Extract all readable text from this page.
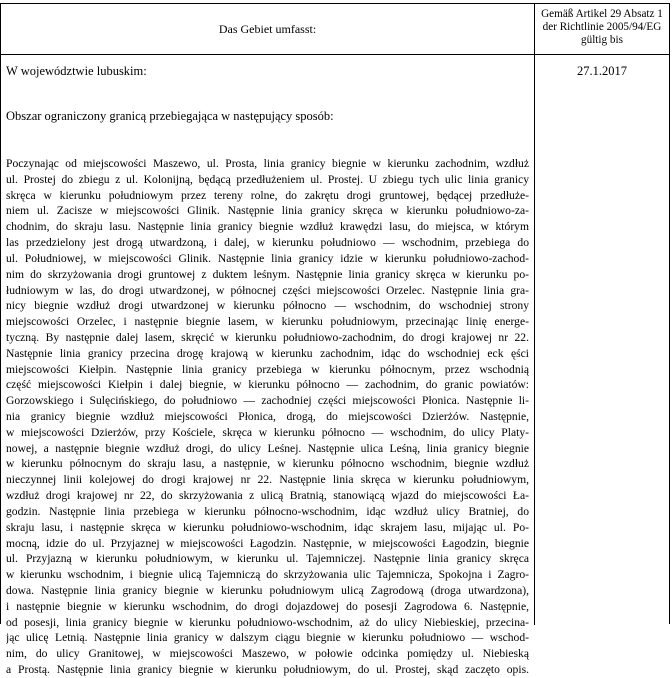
Das Gebiet umfasst:
Gemäß Artikel 29 Absatz 1
der Richtlinie 2005/94/EG
gültig bis
W województwie lubuskim:	27.1.2017
Obszar ograniczony granicą przebiegająca w następujący sposób:
Poczynając od miejscowości Maszewo, ul. Prosta, linia granicy biegnie w kierunku zachodnim, wzdłuż
ul. Prostej do zbiegu z ul. Kolonijną, będącą przedłużeniem ul. Prostej. U zbiegu tych ulic linia granicy
skręca w kierunku południowym przez tereny rolne, do zakrętu drogi gruntowej, będącej przedłuże-
niem ul. Zacisze w miejscowości Glinik. Następnie linia granicy skręca w kierunku południowo-za-
chodnim, do skraju lasu. Następnie linia granicy biegnie wzdłuż krawędzi lasu, do miejsca, w którym
las przedzielony jest drogą utwardzoną, i dalej, w kierunku południowo — wschodnim, przebiega do
ul. Południowej, w miejscowości Glinik. Następnie linia granicy idzie w kierunku południowo-zachod-
nim do skrzyżowania drogi gruntowej z duktem leśnym. Następnie linia granicy skręca w kierunku po-
łudniowym w las, do drogi utwardzonej, w północnej części miejscowości Orzelec. Następnie linia gra-
nicy biegnie wzdłuż drogi utwardzonej w kierunku północno — wschodnim, do wschodniej strony
miejscowości Orzelec, i następnie biegnie lasem, w kierunku południowym, przecinając linię energe-
tyczną. By następnie dalej lasem, skręcić w kierunku południowo-zachodnim, do drogi krajowej nr 22.
Następnie linia granicy przecina drogę krajową w kierunku zachodnim, idąc do wschodniej eck ęści
miejscowości Kiełpin. Następnie linia granicy przebiega w kierunku północnym, przez wschodnią
część miejscowości Kiełpin i dalej biegnie, w kierunku północno — zachodnim, do granic powiatów:
Gorzowskiego i Sulęcińskiego, do południowo — zachodniej części miejscowości Płonica. Następnie li-
nia granicy biegnie wzdłuż miejscowości Płonica, drogą, do miejscowości Dzierżów. Następnie,
w miejscowości Dzierżów, przy Kościele, skręca w kierunku północno — wschodnim, do ulicy Platy-
nowej, a następnie biegnie wzdłuż drogi, do ulicy Leśnej. Następnie ulica Leśną, linia granicy biegnie
w kierunku północnym do skraju lasu, a następnie, w kierunku północno wschodnim, biegnie wzdłuż
nieczynnej linii kolejowej do drogi krajowej nr 22. Następnie linia skręca w kierunku południowym,
wzdłuż drogi krajowej nr 22, do skrzyżowania z ulicą Bratnią, stanowiącą wjazd do miejscowości Ła-
godzin. Następnie linia przebiega w kierunku północno-wschodnim, idąc wzdłuż ulicy Bratniej, do
skraju lasu, i następnie skręca w kierunku południowo-wschodnim, idąc skrajem lasu, mijając ul. Po-
mocną, idzie do ul. Przyjaznej w miejscowości Łagodzin. Następnie, w miejscowości Łagodzin, biegnie
ul. Przyjazną w kierunku południowym, w kierunku ul. Tajemniczej. Następnie linia granicy skręca
w kierunku wschodnim, i biegnie ulicą Tajemniczą do skrzyżowania ulic Tajemnicza, Spokojna i Zagro-
dowa. Następnie linia granicy biegnie w kierunku południowym ulicą Zagrodową (droga utwardzona),
i następnie biegnie w kierunku wschodnim, do drogi dojazdowej do posesji Zagrodowa 6. Następnie,
od posesji, linia granicy biegnie w kierunku południowo-wschodnim, aż do ulicy Niebieskiej, przecina-
jąc ulicę Letnią. Następnie linia granicy w dalszym ciągu biegnie w kierunku południowo — wschod-
nim, do ulicy Granitowej, w miejscowości Maszewo, w połowie odcinka pomiędzy ul. Niebieską
a Prostą. Następnie linia granicy biegnie w kierunku południowym, do ul. Prostej, skąd zaczęto opis.
